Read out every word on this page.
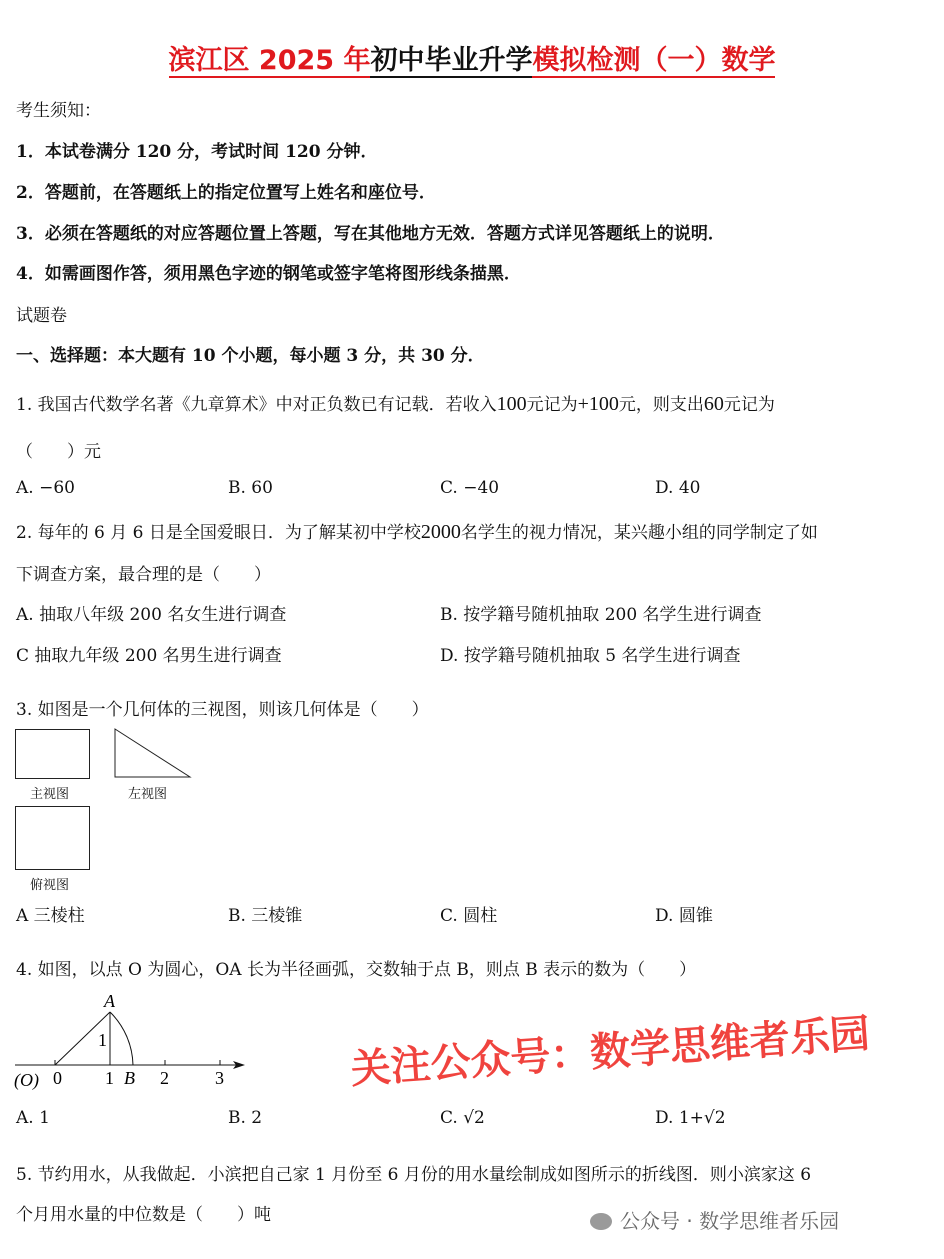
滨江区 2025 年初中毕业升学模拟检测（一）数学
考生须知：
1．本试卷满分 120 分，考试时间 120 分钟．
2．答题前，在答题纸上的指定位置写上姓名和座位号．
3．必须在答题纸的对应答题位置上答题，写在其他地方无效．答题方式详见答题纸上的说明．
4．如需画图作答，须用黑色字迹的钢笔或签字笔将图形线条描黑．
试题卷
一、选择题：本大题有 10 个小题，每小题 3 分，共 30 分．
1. 我国古代数学名著《九章算术》中对正负数已有记载．若收入100元记为+100元，则支出60元记为
（　　）元
A. −60	B. 60	C. −40	D. 40
2. 每年的 6 月 6 日是全国爱眼日．为了解某初中学校2000名学生的视力情况，某兴趣小组的同学制定了如
下调查方案，最合理的是（　　）
A. 抽取八年级 200 名女生进行调查	B. 按学籍号随机抽取 200 名学生进行调查
C 抽取九年级 200 名男生进行调查	D. 按学籍号随机抽取 5 名学生进行调查
3. 如图是一个几何体的三视图，则该几何体是（　　）
主视图	左视图
俯视图
A 三棱柱	B. 三棱锥	C. 圆柱	D. 圆锥
4. 如图，以点 O 为圆心，OA 长为半径画弧，交数轴于点 B，则点 B 表示的数为（　　）
A
1
(O) 0 1 B 2	3
A. 1	B. 2	C. √2	D. 1+√2
5. 节约用水，从我做起．小滨把自己家 1 月份至 6 月份的用水量绘制成如图所示的折线图．则小滨家这 6
个月用水量的中位数是（　　）吨
关注公众号：数学思维者乐园
公众号 · 数学思维者乐园
